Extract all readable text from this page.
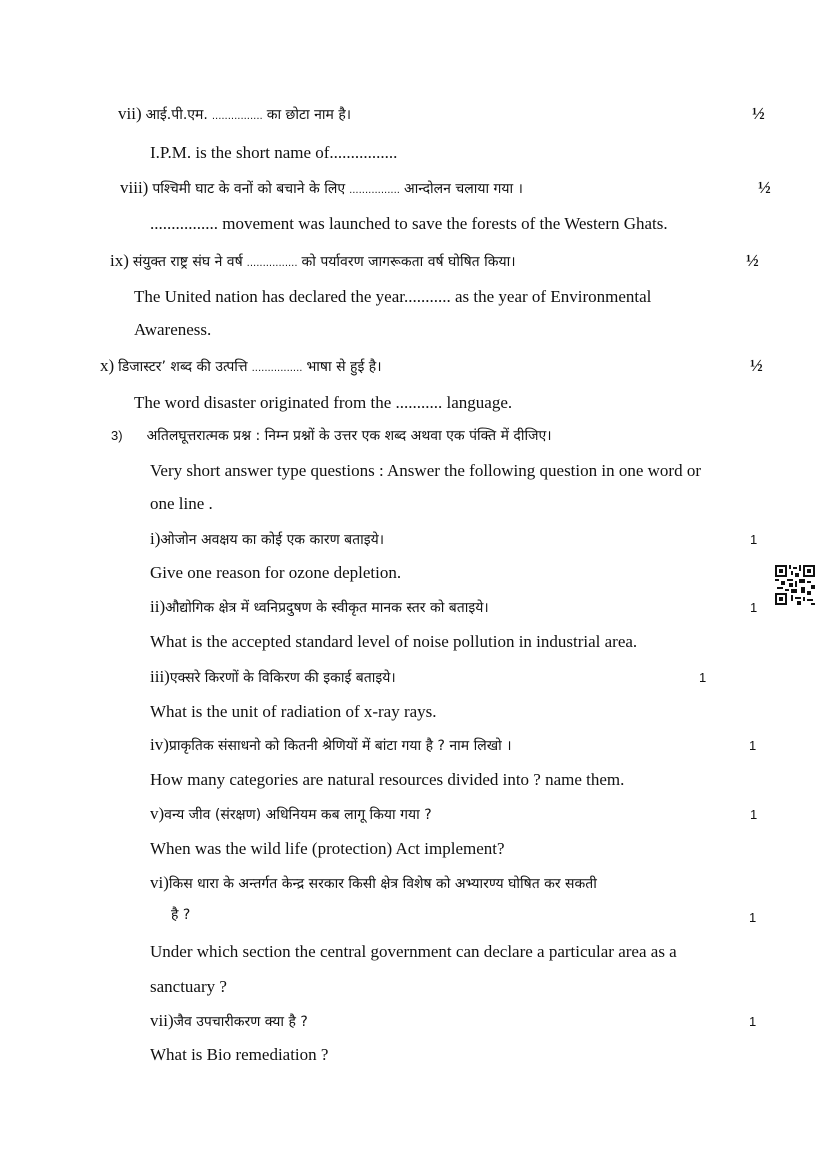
vii) आई.पी.एम. ................ का छोटा नाम है।	½
I.P.M. is the short name of................
viii) पश्चिमी घाट के वनों को बचाने के लिए ................ आन्दोलन चलाया गया ।	½
................ movement was launched to save the forests of the Western Ghats.
ix) संयुक्त राष्ट्र संघ ने वर्ष ................ को पर्यावरण जागरूकता वर्ष घोषित किया।	½
The United nation has declared the year........... as the year of Environmental
Awareness.
x) डिजास्टर’ शब्द की उत्पत्ति ................ भाषा से हुई है।	½
The word disaster originated from the ........... language.
3) अतिलघूत्तरात्मक प्रश्न : निम्न प्रश्नों के उत्तर एक शब्द अथवा एक पंक्ति में दीजिए।
Very short answer type questions : Answer the following question in one word or
one line .
i)ओजोन अवक्षय का कोई एक कारण बताइये।	1
Give one reason for ozone depletion.
ii)औद्योगिक क्षेत्र में ध्वनिप्रदुषण के स्वीकृत मानक स्तर को बताइये।	1
What is the accepted standard level of noise pollution in industrial area.
iii)एक्सरे किरणों के विकिरण की इकाई बताइये।	1
What is the unit of radiation of x-ray rays.
iv)प्राकृतिक संसाधनो को कितनी श्रेणियों में बांटा गया है ? नाम लिखो ।	1
How many categories are natural resources divided into ? name them.
v)वन्य जीव (संरक्षण) अधिनियम कब लागू किया गया ?	1
When was the wild life (protection) Act implement?
vi)किस धारा के अन्तर्गत केन्द्र सरकार किसी क्षेत्र विशेष को अभ्यारण्य घोषित कर सकती
है ?	1
Under which section the central government can declare a particular area as a
sanctuary ?
vii)जैव उपचारीकरण क्या है ?	1
What is Bio remediation ?
